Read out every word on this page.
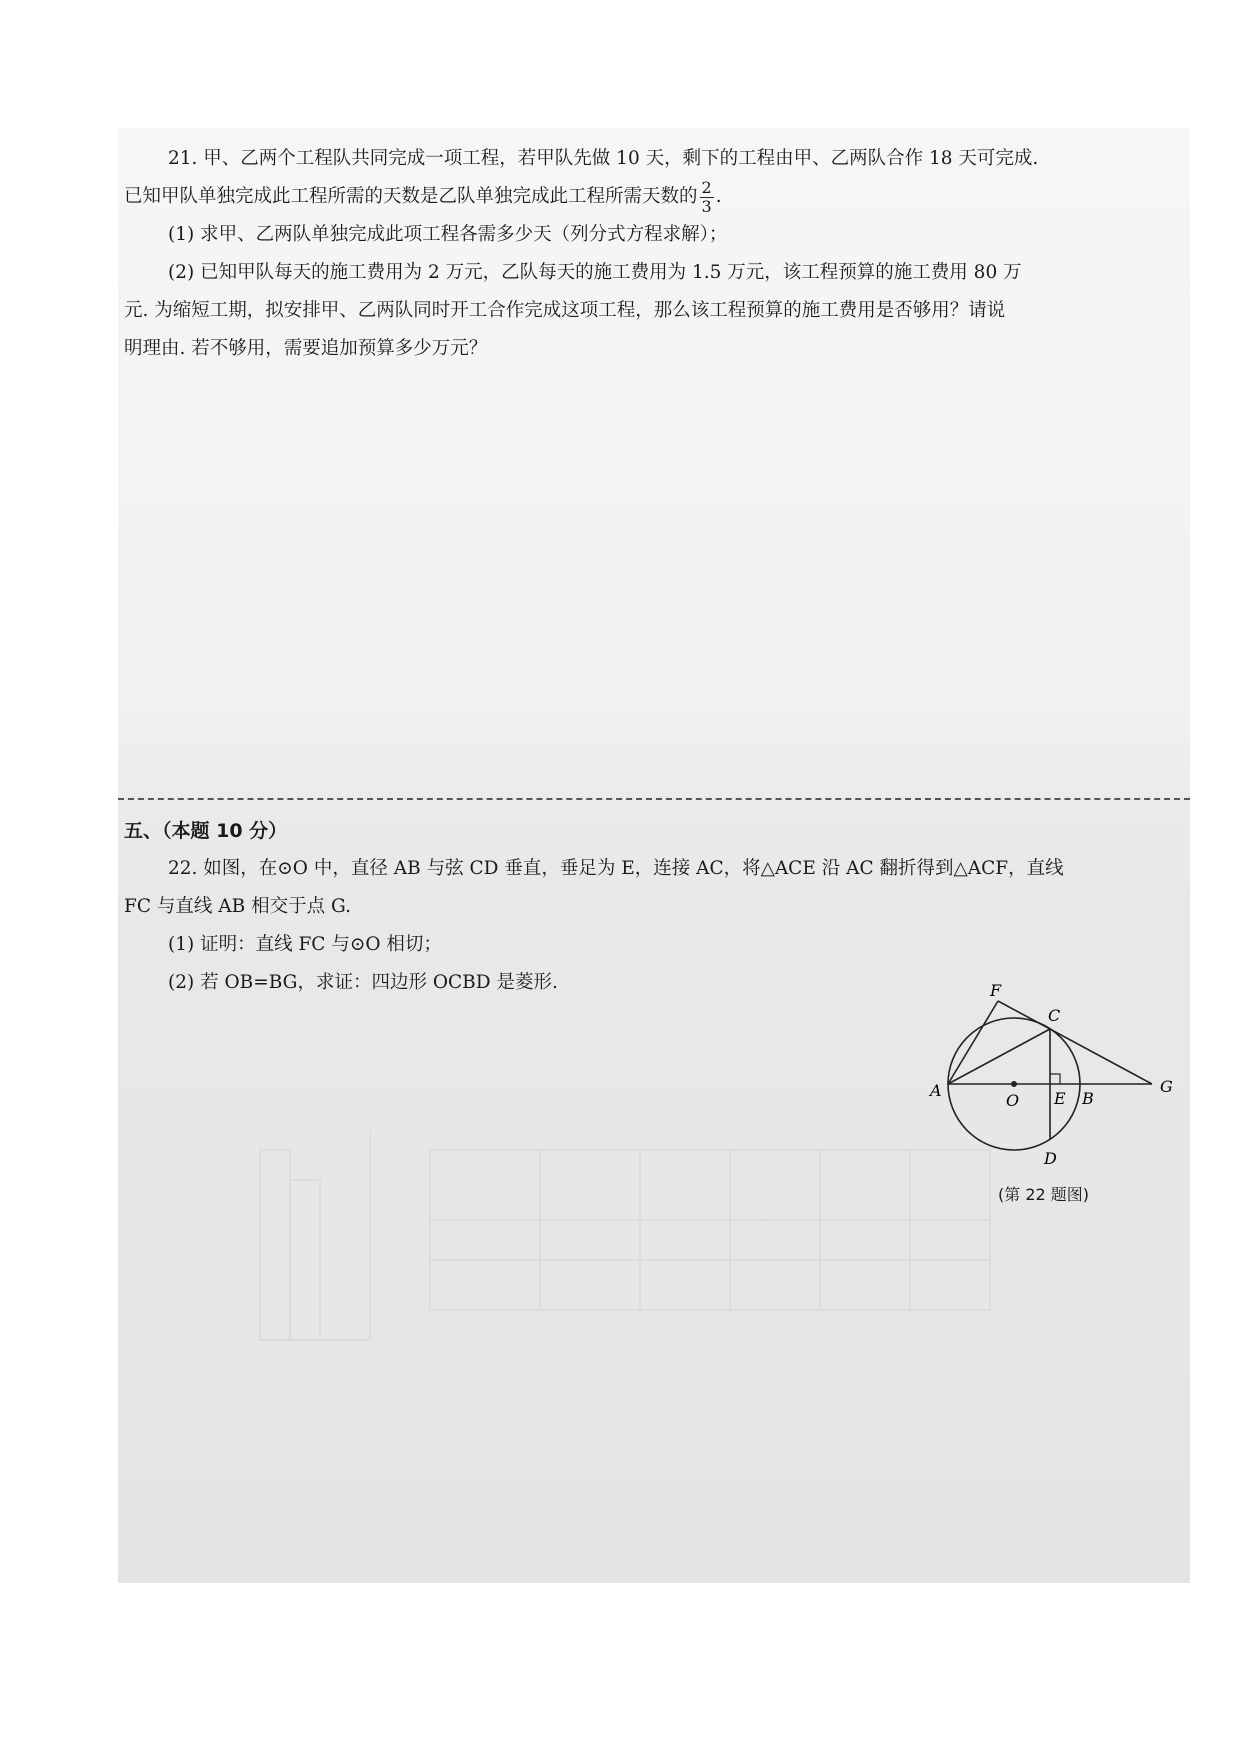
21. 甲、乙两个工程队共同完成一项工程，若甲队先做 10 天，剩下的工程由甲、乙两队合作 18 天可完成.

已知甲队单独完成此工程所需的天数是乙队单独完成此工程所需天数的 $\frac{2}{3}$ .

(1) 求甲、乙两队单独完成此项工程各需多少天（列分式方程求解）；

(2) 已知甲队每天的施工费用为 2 万元，乙队每天的施工费用为 1.5 万元，该工程预算的施工费用 80 万

元. 为缩短工期，拟安排甲、乙两队同时开工合作完成这项工程，那么该工程预算的施工费用是否够用？请说

明理由. 若不够用，需要追加预算多少万元？

五、（本题 10 分）

22. 如图，在⊙O 中，直径 AB 与弦 CD 垂直，垂足为 E，连接 AC，将△ACE 沿 AC 翻折得到△ACF，直线

FC 与直线 AB 相交于点 G.

(1) 证明：直线 FC 与⊙O 相切；

(2) 若 OB=BG，求证：四边形 OCBD 是菱形.	F
C
A
O E B
G
D
(第 22 题图)
